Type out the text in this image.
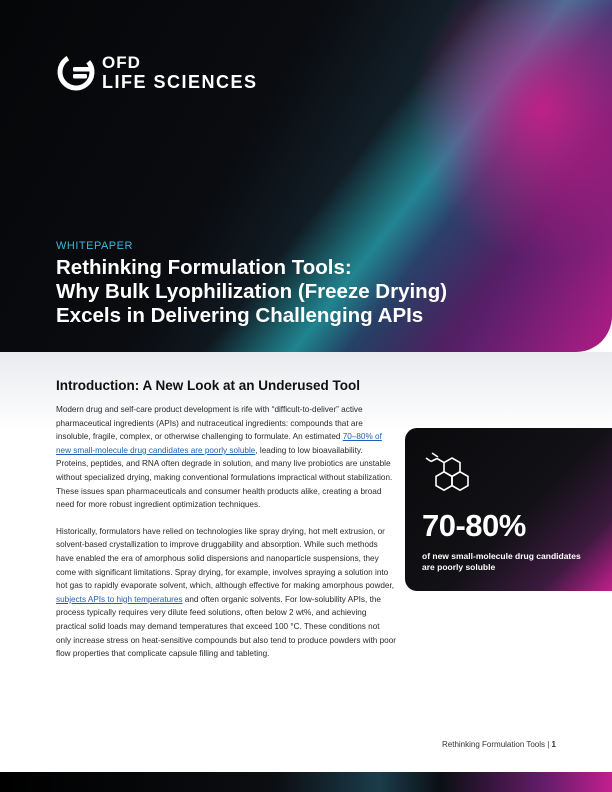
OFD
LIFE SCIENCES
WHITEPAPER
Rethinking Formulation Tools:
Why Bulk Lyophilization (Freeze Drying)
Excels in Delivering Challenging APIs
Introduction: A New Look at an Underused Tool

Modern drug and self-care product development is rife with “difficult-to-deliver” active pharmaceutical ingredients (APIs) and nutraceutical ingredients: compounds that are insoluble, fragile, complex, or otherwise challenging to formulate. An estimated 70–80% of new small-molecule drug candidates are poorly soluble, leading to low bioavailability. Proteins, peptides, and RNA often degrade in solution, and many live probiotics are unstable without specialized drying, making conventional formulations impractical without stabilization. These issues span pharmaceuticals and consumer health products alike, creating a broad need for more robust ingredient optimization techniques.

Historically, formulators have relied on technologies like spray drying, hot melt extrusion, or solvent-based crystallization to improve druggability and absorption. While such methods have enabled the era of amorphous solid dispersions and nanoparticle suspensions, they come with significant limitations. Spray drying, for example, involves spraying a solution into hot gas to rapidly evaporate solvent, which, although effective for making amorphous powder, subjects APIs to high temperatures and often organic solvents. For low-solubility APIs, the process typically requires very dilute feed solutions, often below 2 wt%, and achieving practical solid loads may demand temperatures that exceed 100 °C. These conditions not only increase stress on heat-sensitive compounds but also tend to produce powders with poor flow properties that complicate capsule filling and tableting.

70-80%
of new small-molecule drug candidates are poorly soluble
Rethinking Formulation Tools | 1
